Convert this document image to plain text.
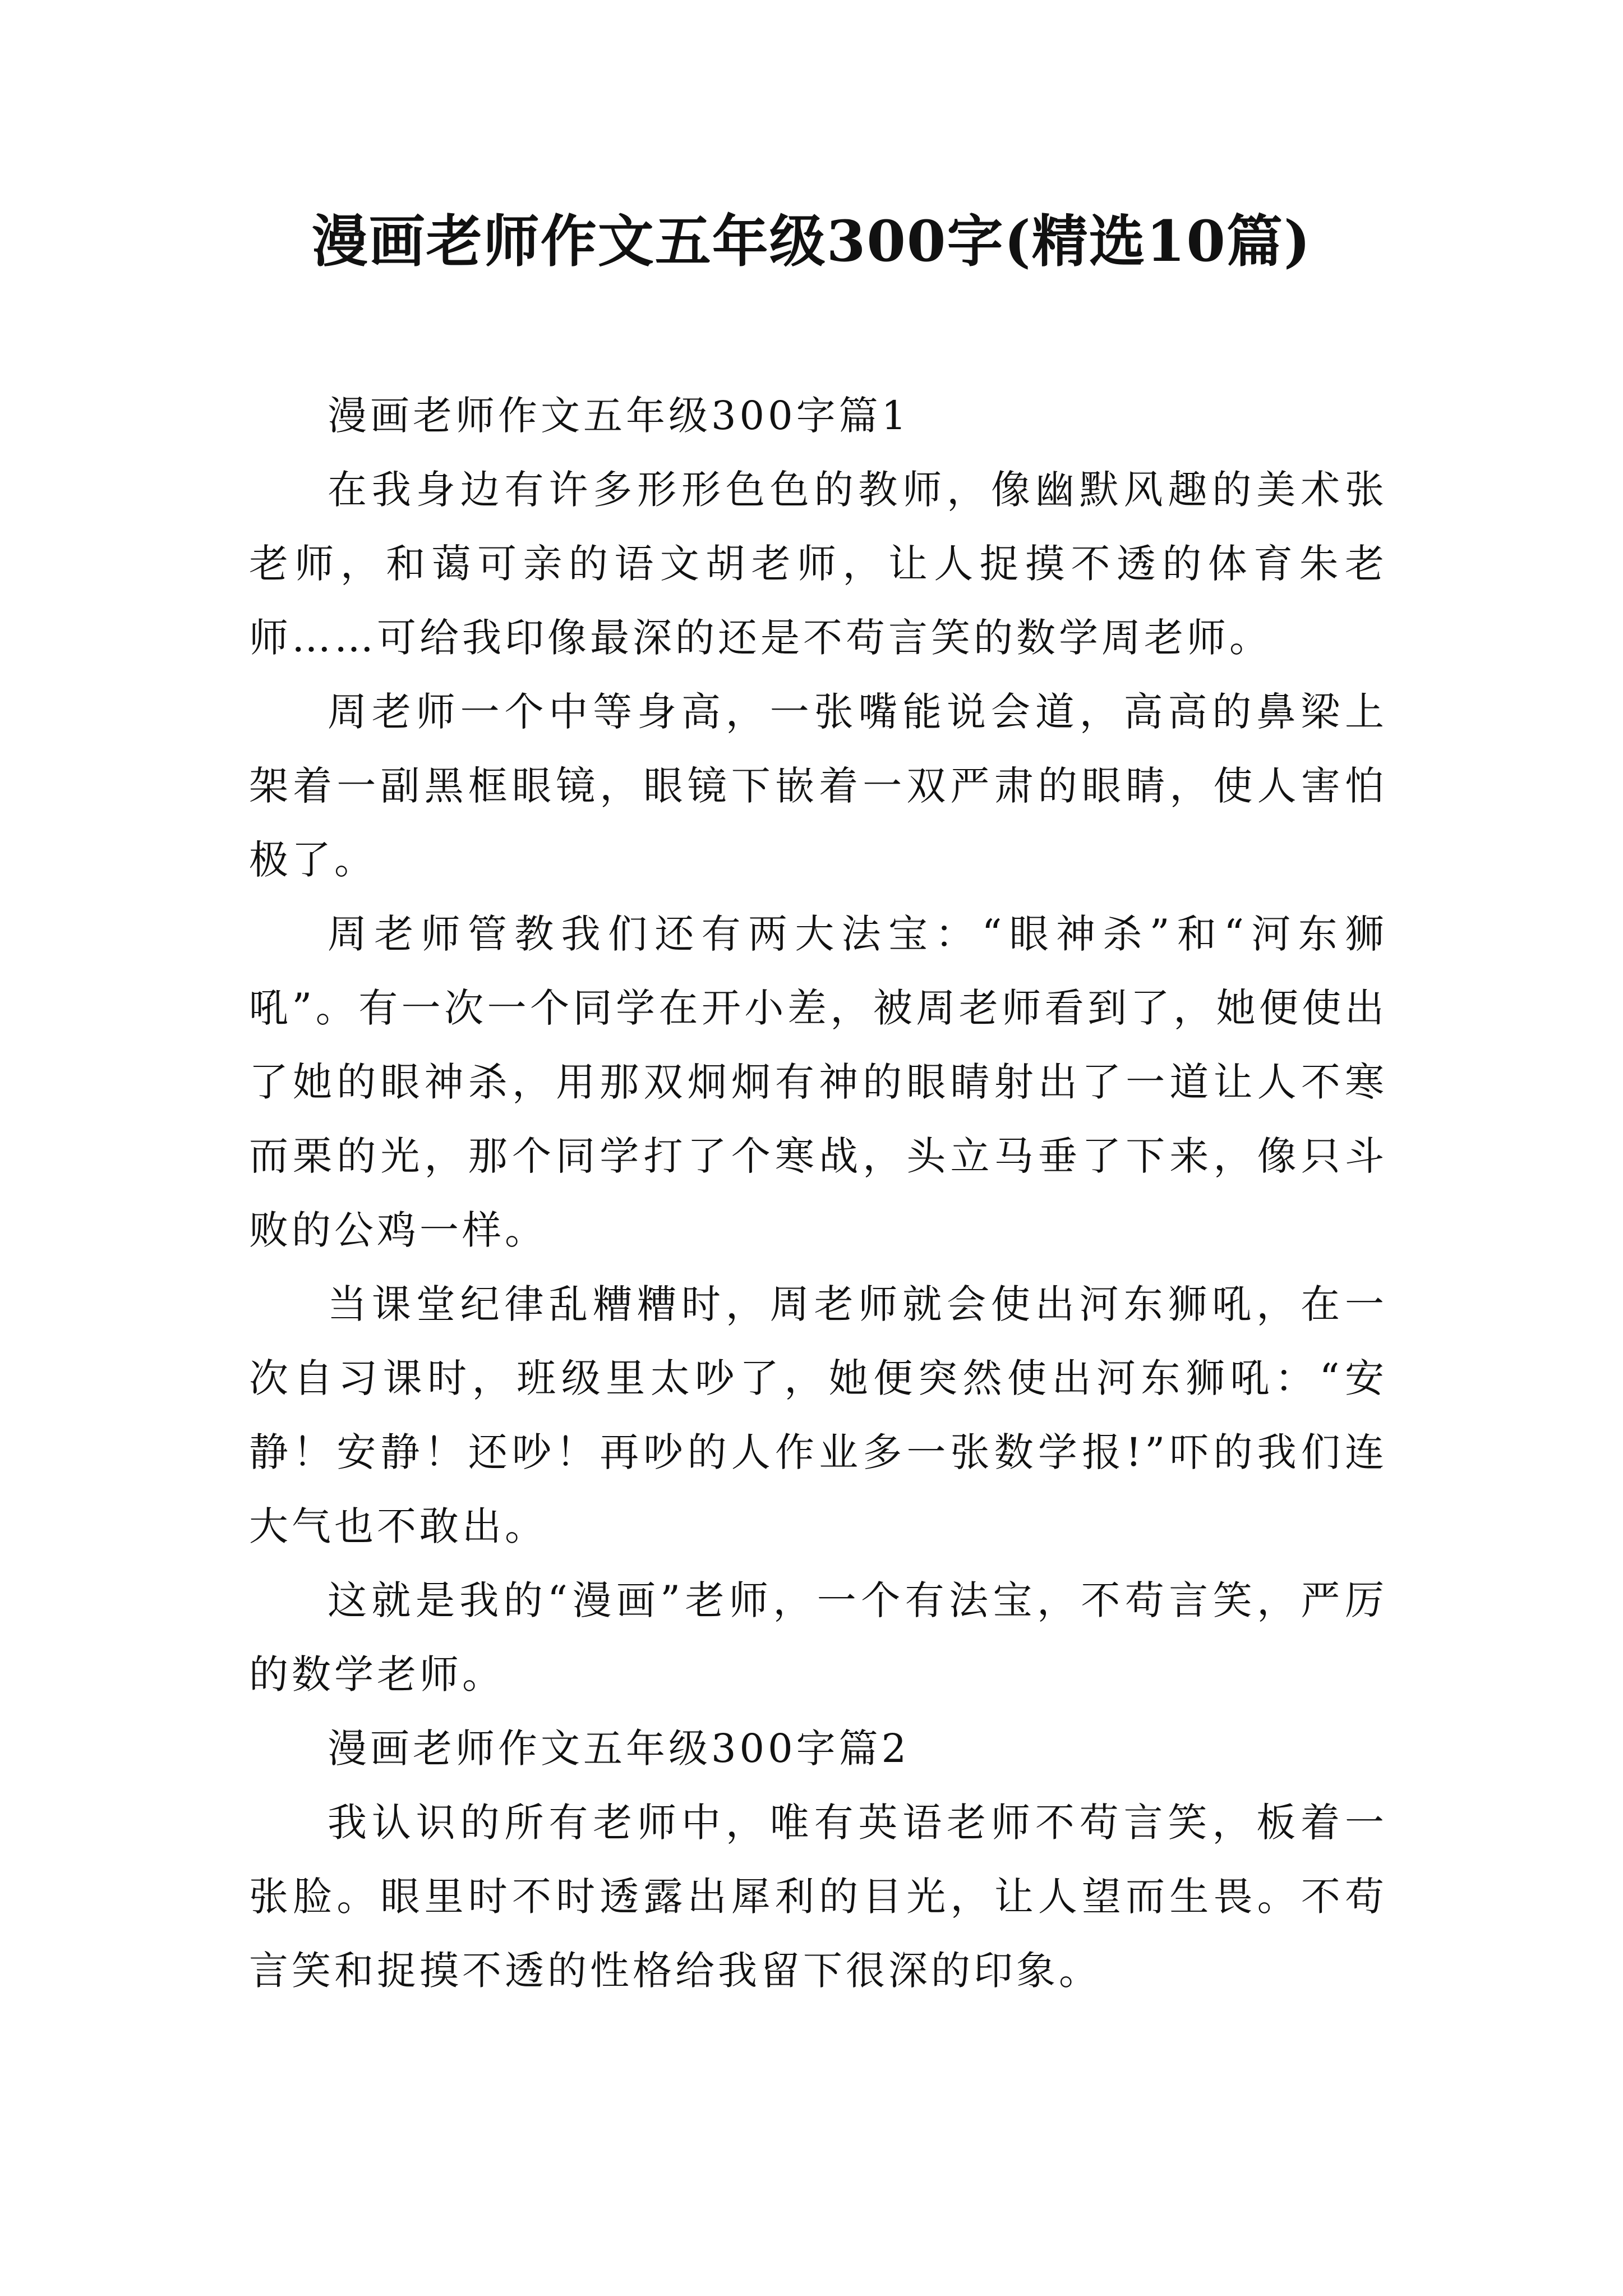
漫画老师作文五年级300字(精选10篇)

漫画老师作文五年级300字篇1

在我身边有许多形形色色的教师，像幽默风趣的美术张老师，和蔼可亲的语文胡老师，让人捉摸不透的体育朱老师……可给我印像最深的还是不苟言笑的数学周老师。

周老师一个中等身高，一张嘴能说会道，高高的鼻梁上架着一副黑框眼镜，眼镜下嵌着一双严肃的眼睛，使人害怕极了。

周老师管教我们还有两大法宝：“眼神杀”和“河东狮吼”。有一次一个同学在开小差，被周老师看到了，她便使出了她的眼神杀，用那双炯炯有神的眼睛射出了一道让人不寒而栗的光，那个同学打了个寒战，头立马垂了下来，像只斗败的公鸡一样。

当课堂纪律乱糟糟时，周老师就会使出河东狮吼，在一次自习课时，班级里太吵了，她便突然使出河东狮吼：“安静！安静！还吵！再吵的人作业多一张数学报!”吓的我们连大气也不敢出。

这就是我的“漫画”老师，一个有法宝，不苟言笑，严厉的数学老师。

漫画老师作文五年级300字篇2

我认识的所有老师中，唯有英语老师不苟言笑，板着一张脸。眼里时不时透露出犀利的目光，让人望而生畏。不苟言笑和捉摸不透的性格给我留下很深的印象。
